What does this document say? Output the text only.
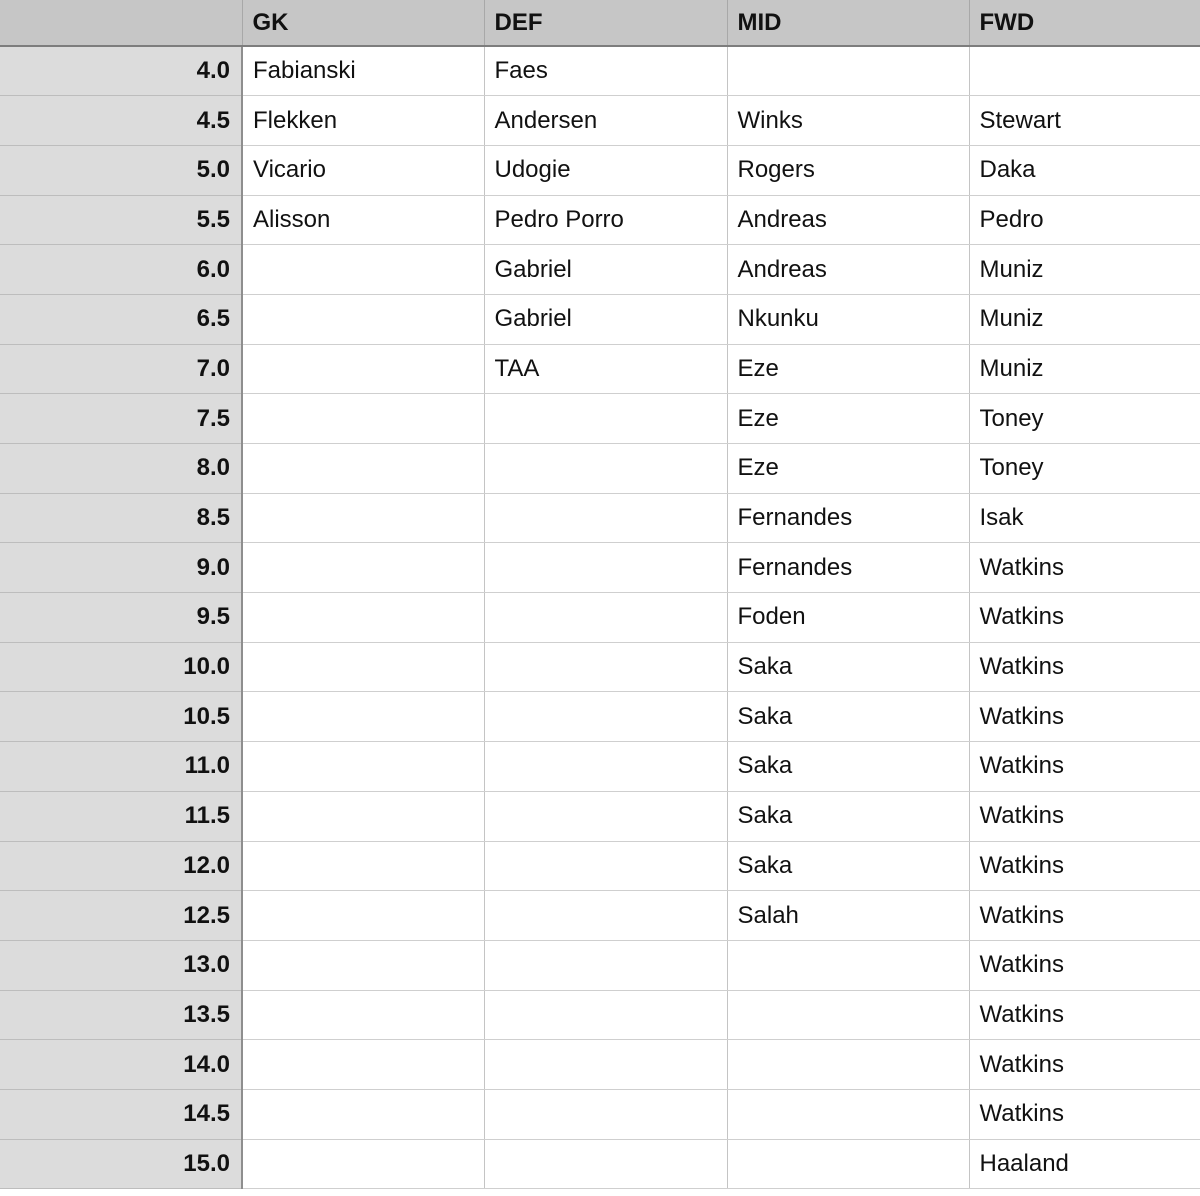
	GK	DEF	MID	FWD
4.0	Fabianski	Faes		
4.5	Flekken	Andersen	Winks	Stewart
5.0	Vicario	Udogie	Rogers	Daka
5.5	Alisson	Pedro Porro	Andreas	Pedro
6.0		Gabriel	Andreas	Muniz
6.5		Gabriel	Nkunku	Muniz
7.0		TAA	Eze	Muniz
7.5			Eze	Toney
8.0			Eze	Toney
8.5			Fernandes	Isak
9.0			Fernandes	Watkins
9.5			Foden	Watkins
10.0			Saka	Watkins
10.5			Saka	Watkins
11.0			Saka	Watkins
11.5			Saka	Watkins
12.0			Saka	Watkins
12.5			Salah	Watkins
13.0				Watkins
13.5				Watkins
14.0				Watkins
14.5				Watkins
15.0				Haaland
